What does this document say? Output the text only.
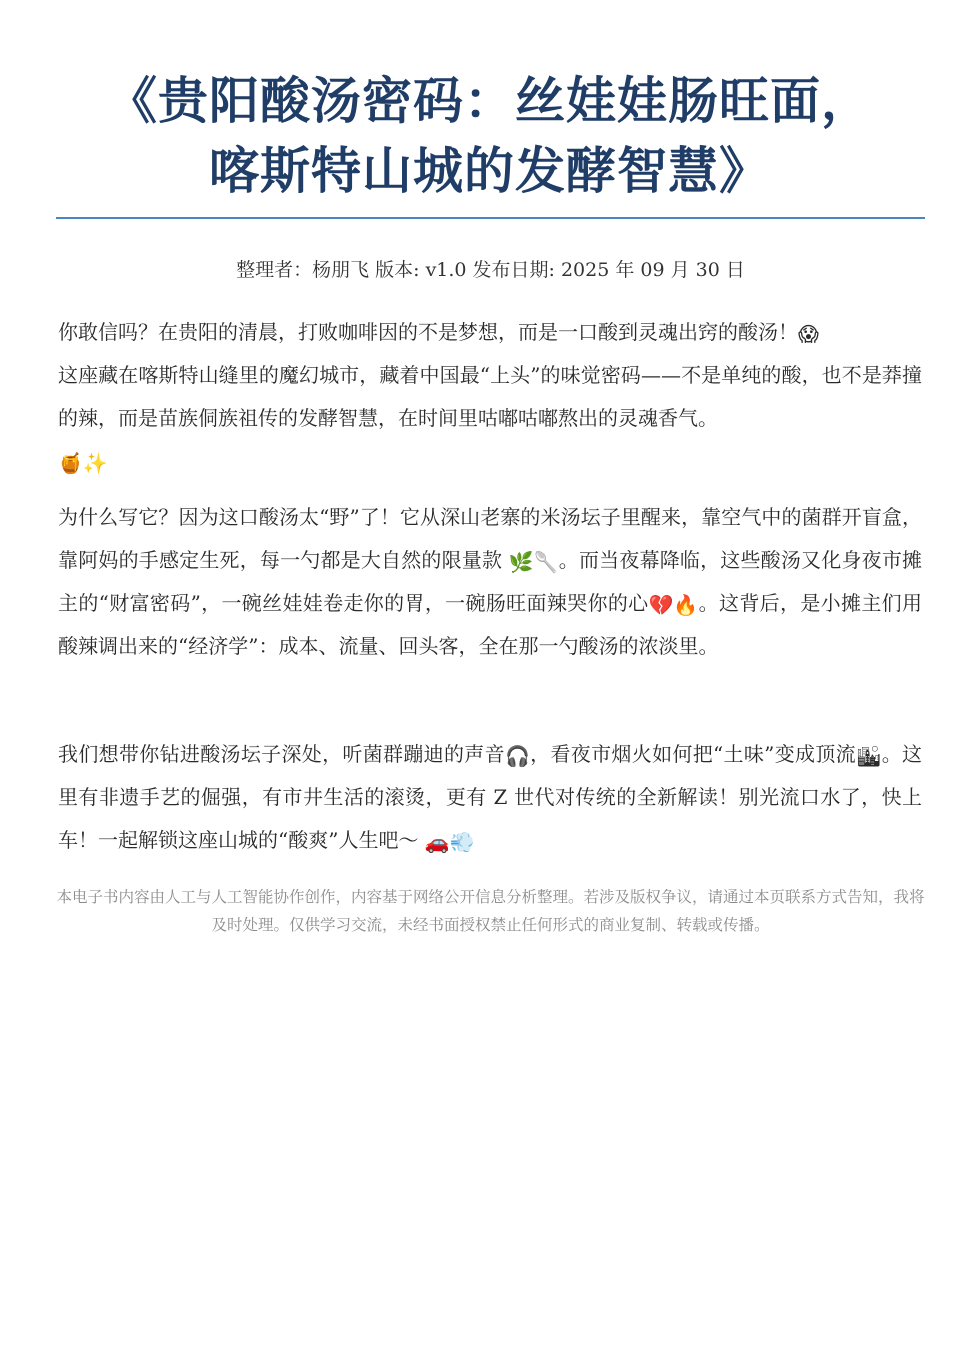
《贵阳酸汤密码：丝娃娃肠旺面，
喀斯特山城的发酵智慧》
整理者：杨朋飞 版本: v1.0 发布日期: 2025 年 09 月 30 日

你敢信吗？在贵阳的清晨，打败咖啡因的不是梦想，而是一口酸到灵魂出窍的酸汤！😱
这座藏在喀斯特山缝里的魔幻城市，藏着中国最“上头”的味觉密码——不是单纯的酸，也不是莽撞的辣，而是苗族侗族祖传的发酵智慧，在时间里咕嘟咕嘟熬出的灵魂香气。
🍯✨

为什么写它？因为这口酸汤太“野”了！它从深山老寨的米汤坛子里醒来，靠空气中的菌群开盲盒，靠阿妈的手感定生死，每一勺都是大自然的限量款 🌿🥄。而当夜幕降临，这些酸汤又化身夜市摊主的“财富密码”，一碗丝娃娃卷走你的胃，一碗肠旺面辣哭你的心💔🔥。这背后，是小摊主们用酸辣调出来的“经济学”：成本、流量、回头客，全在那一勺酸汤的浓淡里。

我们想带你钻进酸汤坛子深处，听菌群蹦迪的声音🎧，看夜市烟火如何把“土味”变成顶流🏙。这里有非遗手艺的倔强，有市井生活的滚烫，更有 Z 世代对传统的全新解读！别光流口水了，快上车！一起解锁这座山城的“酸爽”人生吧～ 🚗💨

本电子书内容由人工与人工智能协作创作，内容基于网络公开信息分析整理。若涉及版权争议，请通过本页联系方式告知，我将及时处理。仅供学习交流，未经书面授权禁止任何形式的商业复制、转载或传播。
